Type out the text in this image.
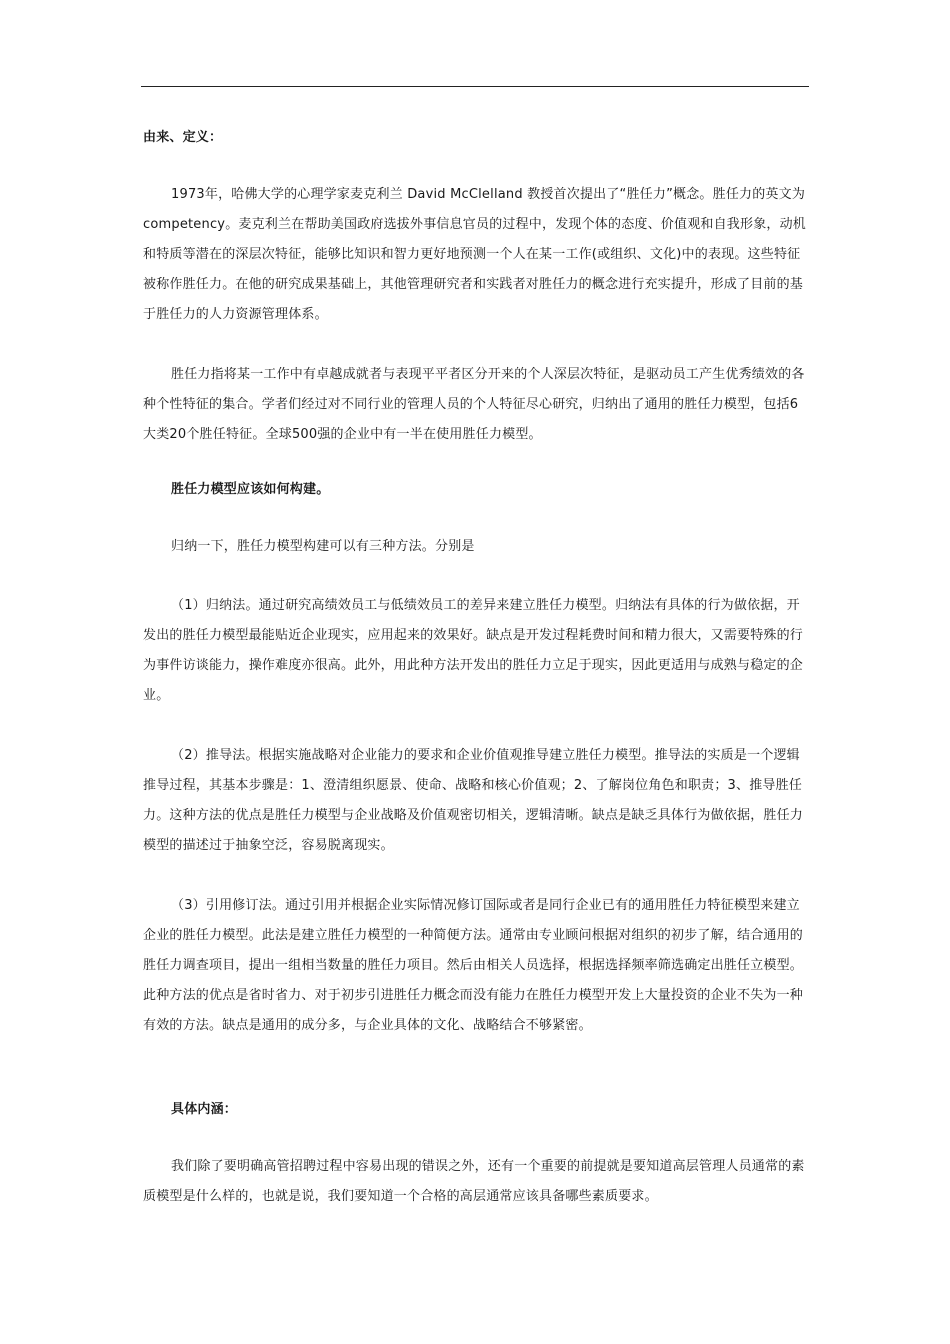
由来、定义：

1973年，哈佛大学的心理学家麦克利兰 David McClelland 教授首次提出了“胜任力”概念。胜任力的英文为 competency。麦克利兰在帮助美国政府选拔外事信息官员的过程中，发现个体的态度、价值观和自我形象，动机和特质等潜在的深层次特征，能够比知识和智力更好地预测一个人在某一工作(或组织、文化)中的表现。这些特征被称作胜任力。在他的研究成果基础上，其他管理研究者和实践者对胜任力的概念进行充实提升，形成了目前的基于胜任力的人力资源管理体系。

胜任力指将某一工作中有卓越成就者与表现平平者区分开来的个人深层次特征，是驱动员工产生优秀绩效的各种个性特征的集合。学者们经过对不同行业的管理人员的个人特征尽心研究，归纳出了通用的胜任力模型，包括6大类20个胜任特征。全球500强的企业中有一半在使用胜任力模型。

胜任力模型应该如何构建。

归纳一下，胜任力模型构建可以有三种方法。分别是

（1）归纳法。通过研究高绩效员工与低绩效员工的差异来建立胜任力模型。归纳法有具体的行为做依据，开发出的胜任力模型最能贴近企业现实，应用起来的效果好。缺点是开发过程耗费时间和精力很大，又需要特殊的行为事件访谈能力，操作难度亦很高。此外，用此种方法开发出的胜任力立足于现实，因此更适用与成熟与稳定的企业。

（2）推导法。根据实施战略对企业能力的要求和企业价值观推导建立胜任力模型。推导法的实质是一个逻辑推导过程，其基本步骤是：1、澄清组织愿景、使命、战略和核心价值观；2、了解岗位角色和职责；3、推导胜任力。这种方法的优点是胜任力模型与企业战略及价值观密切相关，逻辑清晰。缺点是缺乏具体行为做依据，胜任力模型的描述过于抽象空泛，容易脱离现实。

（3）引用修订法。通过引用并根据企业实际情况修订国际或者是同行企业已有的通用胜任力特征模型来建立企业的胜任力模型。此法是建立胜任力模型的一种简便方法。通常由专业顾问根据对组织的初步了解，结合通用的胜任力调查项目，提出一组相当数量的胜任力项目。然后由相关人员选择，根据选择频率筛选确定出胜任立模型。此种方法的优点是省时省力、对于初步引进胜任力概念而没有能力在胜任力模型开发上大量投资的企业不失为一种有效的方法。缺点是通用的成分多，与企业具体的文化、战略结合不够紧密。

具体内涵：

我们除了要明确高管招聘过程中容易出现的错误之外，还有一个重要的前提就是要知道高层管理人员通常的素质模型是什么样的，也就是说，我们要知道一个合格的高层通常应该具备哪些素质要求。
